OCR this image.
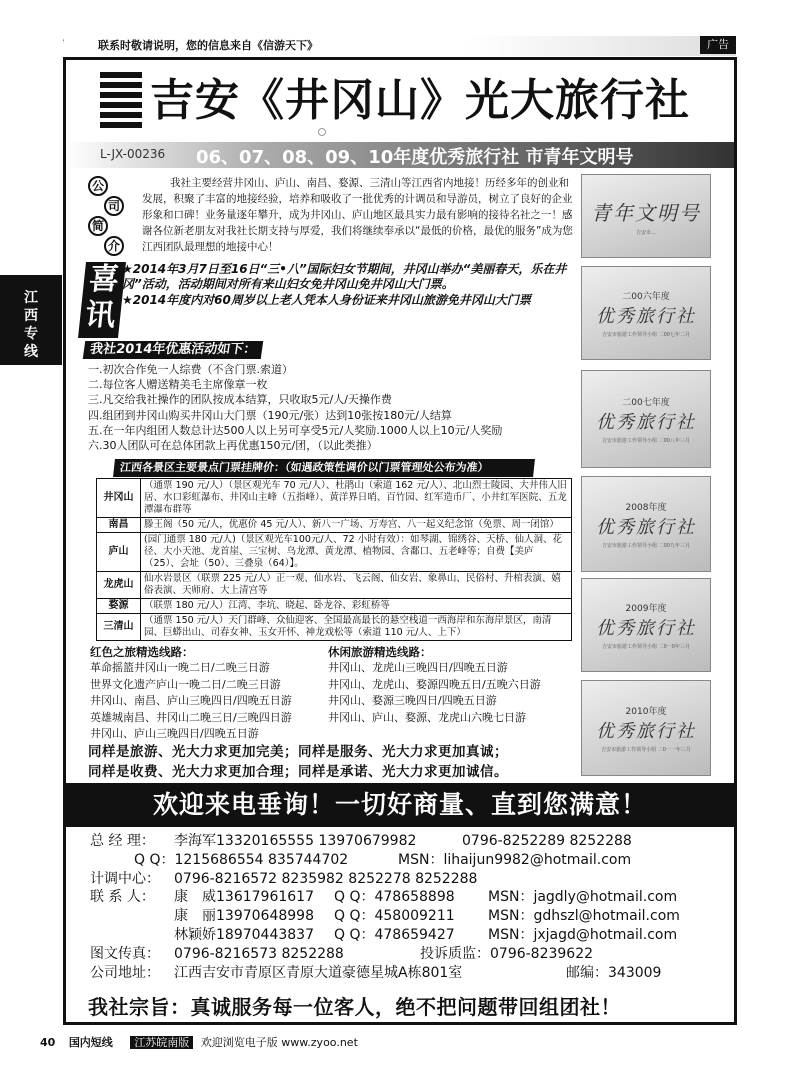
联系时敬请说明，您的信息来自《信游天下》	广告
江西专线
吉安《井冈山》光大旅行社
L-JX-00236 06、07、08、09、10年度优秀旅行社 市青年文明号
公
司
简
介
我社主要经营井冈山、庐山、南昌、婺源、三清山等江西省内地接！历经多年的创业和发展，积聚了丰富的地接经验，培养和吸收了一批优秀的计调员和导游员，树立了良好的企业形象和口碑！业务量逐年攀升，成为井冈山、庐山地区最具实力最有影响的接待名社之一！感谢各位新老朋友对我社长期支持与厚爱，我们将继续奉承以“最低的价格，最优的服务”成为您江西团队最理想的地接中心！
喜讯
★2014年3月7日至16日“三•八”国际妇女节期间，井冈山举办“美丽春天，乐在井冈”活动，活动期间对所有来山妇女免井冈山免井冈山大门票。
★2014年度内对60周岁以上老人凭本人身份证来井冈山旅游免井冈山大门票
我社2014年优惠活动如下：
一.初次合作免一人综费（不含门票.索道）
二.每位客人赠送精美毛主席像章一枚
三.凡交给我社操作的团队按成本结算，只收取5元/人/天操作费
四.组团到井冈山购买井冈山大门票（190元/张）达到10张按180元/人结算
五.在一年内组团人数总计达500人以上另可享受5元/人奖励.1000人以上10元/人奖励
六.30人团队可在总体团款上再优惠150元/团，（以此类推）
江西各景区主要景点门票挂牌价：（如遇政策性调价以门票管理处公布为准）
井冈山	（通票 190 元/人）（景区观光车 70 元/人）、杜鹃山（索道 162 元/人）、北山烈士陵园、大井伟人旧居、水口彩虹瀑布、井冈山主峰（五指峰）、黄洋界日哨、百竹园、红军造币厂、小井红军医院、五龙潭瀑布群等
南昌	滕王阁（50 元/人，优惠价 45 元/人）、新八一广场、万寿宫、八一起义纪念馆（免票、周一闭馆）
庐山	(园门通票 180 元/人)（景区观光车100元/人、72 小时有效）：如琴湖、锦绣谷、天桥、仙人洞、花径、大小天池、龙首崖、三宝树、乌龙潭、黄龙潭、植物园、含鄱口、五老峰等；自费【美庐（25）、会址（50）、三叠泉（64）】。
龙虎山	仙水岩景区（联票 225 元/人）正一观、仙水岩、飞云阁、仙女岩、象鼻山、民俗村、升棺表演、嬉俗表演、天师府、大上清宫等
婺源	（联票 180 元/人）江湾、李坑、晓起、卧龙谷、彩虹桥等
三清山	（通票 150 元/人）天门群峰、众仙迎客、全国最高最长的悬空栈道一西海岸和东海岸景区，南清园、巨蟒出山、司春女神、玉女开怀、神龙戏松等（索道 110 元/人、上下）
红色之旅精选线路：
革命摇篮井冈山一晚二日/二晚三日游
世界文化遗产庐山一晚二日/二晚三日游
井冈山、南昌、庐山三晚四日/四晚五日游
英雄城南昌、井冈山二晚三日/三晚四日游
井冈山、庐山三晚四日/四晚五日游
休闲旅游精选线路：
井冈山、龙虎山三晚四日/四晚五日游
井冈山、龙虎山、婺源四晚五日/五晚六日游
井冈山、婺源三晚四日/四晚五日游
井冈山、庐山、婺源、龙虎山六晚七日游
同样是旅游、光大力求更加完美；同样是服务、光大力求更加真诚；
同样是收费、光大力求更加合理；同样是承诺、光大力求更加诚信。
青年文明号
吉安市...
二00六年度
优秀旅行社
吉安市旅游工作领导小组 二00七年二月
二00七年度
优秀旅行社
吉安市旅游工作领导小组 二00八年三月
2008年度
优秀旅行社
吉安市旅游工作领导小组 二00九年三月
2009年度
优秀旅行社
吉安市旅游工作领导小组 二0一0年三月
2010年度
优秀旅行社
吉安市旅游工作领导小组 二0一一年三月
欢迎来电垂询！一切好商量、直到您满意！
总 经 理： 李海军13320165555 13970679982	0796-8252289 8252288
Q Q：1215686554 835744702	MSN：lihaijun9982@hotmail.com
计调中心： 0796-8216572 8235982 8252278 8252288
联 系 人： 康　威13617961617 Q Q：478658898 MSN：jagdly@hotmail.com
康　丽13970648998 Q Q：458009211 MSN：gdhszl@hotmail.com
林颖娇18970443837 Q Q：478659427 MSN：jxjagd@hotmail.com
图文传真： 0796-8216573 8252288	投诉质监：0796-8239622
公司地址： 江西吉安市青原区青原大道豪德星城A栋801室	邮编：343009
我社宗旨：真诚服务每一位客人，绝不把问题带回组团社！
40 国内短线 江苏皖南版 欢迎浏览电子版 www.zyoo.net
